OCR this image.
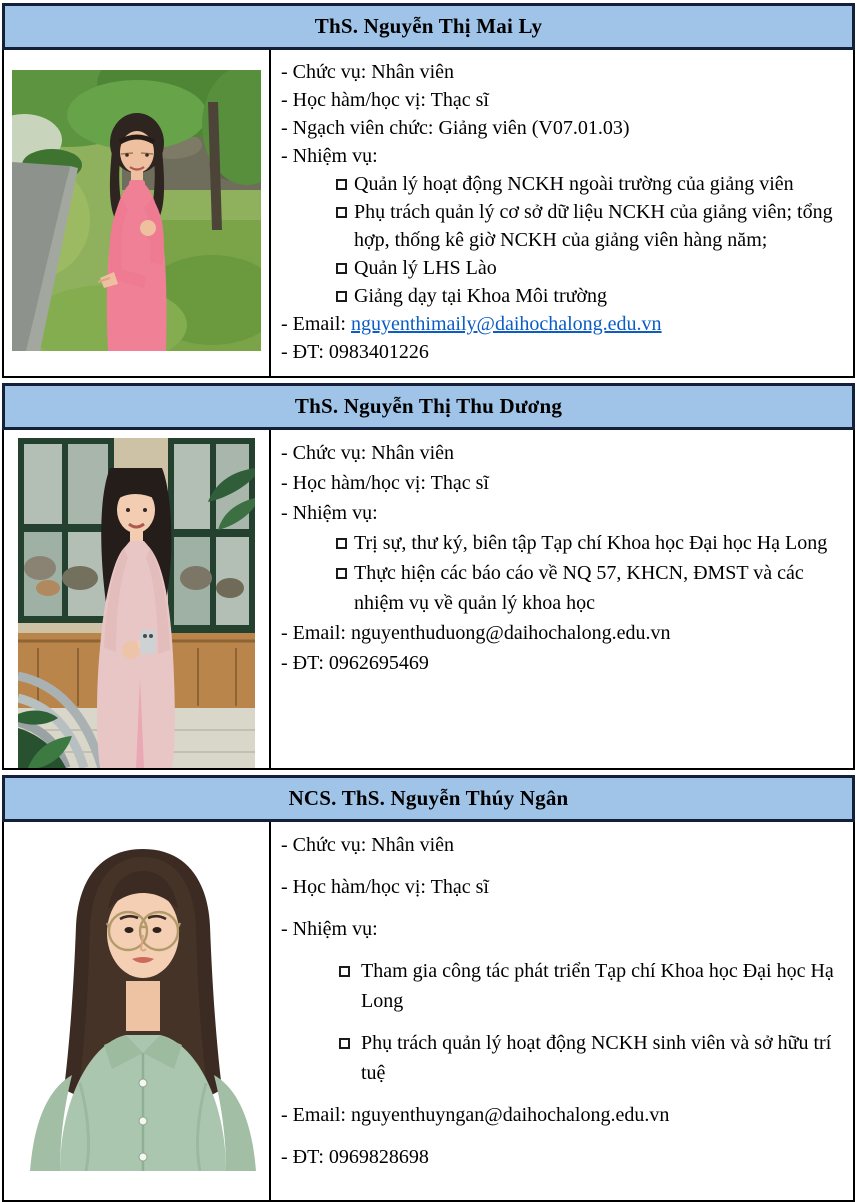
ThS. Nguyễn Thị Mai Ly
- Chức vụ: Nhân viên
- Học hàm/học vị: Thạc sĩ
- Ngạch viên chức: Giảng viên (V07.01.03)
- Nhiệm vụ:
Quản lý hoạt động NCKH ngoài trường của giảng viên
Phụ trách quản lý cơ sở dữ liệu NCKH của giảng viên; tổng hợp, thống kê giờ NCKH của giảng viên hàng năm;
Quản lý LHS Lào
Giảng dạy tại Khoa Môi trường
- Email: nguyenthimaily@daihochalong.edu.vn
- ĐT: 0983401226
ThS. Nguyễn Thị Thu Dương
- Chức vụ: Nhân viên
- Học hàm/học vị: Thạc sĩ
- Nhiệm vụ:
Trị sự, thư ký, biên tập Tạp chí Khoa học Đại học Hạ Long
Thực hiện các báo cáo về NQ 57, KHCN, ĐMST và các nhiệm vụ về quản lý khoa học
- Email: nguyenthuduong@daihochalong.edu.vn
- ĐT: 0962695469
NCS. ThS. Nguyễn Thúy Ngân
- Chức vụ: Nhân viên
- Học hàm/học vị: Thạc sĩ
- Nhiệm vụ:
Tham gia công tác phát triển Tạp chí Khoa học Đại học Hạ Long
Phụ trách quản lý hoạt động NCKH sinh viên và sở hữu trí tuệ
- Email: nguyenthuyngan@daihochalong.edu.vn
- ĐT: 0969828698
